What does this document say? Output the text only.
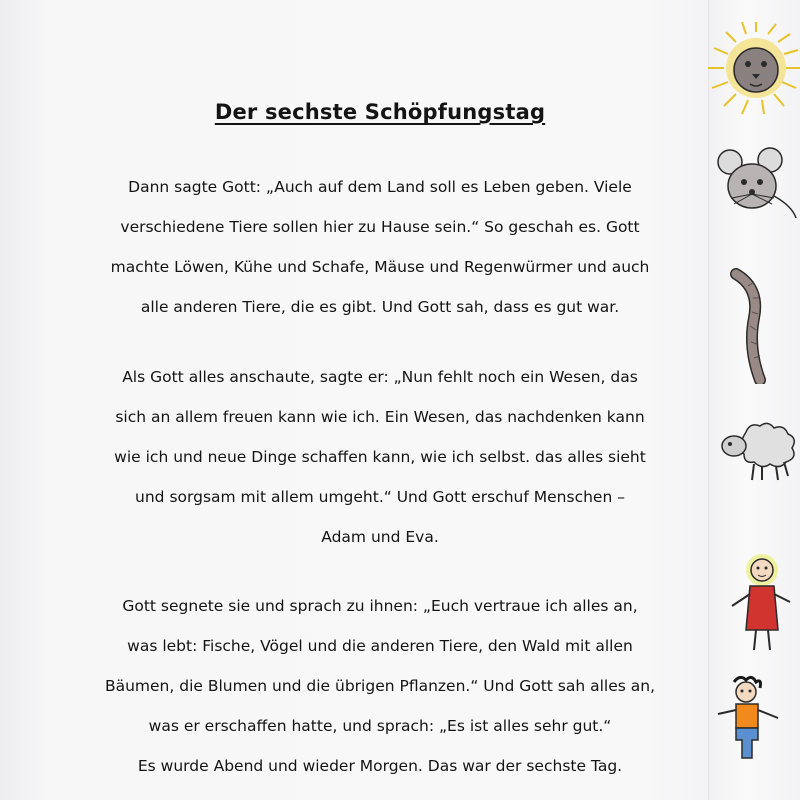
Der sechste Schöpfungstag
Dann sagte Gott: „Auch auf dem Land soll es Leben geben. Viele
verschiedene Tiere sollen hier zu Hause sein.“ So geschah es. Gott
machte Löwen, Kühe und Schafe, Mäuse und Regenwürmer und auch
alle anderen Tiere, die es gibt. Und Gott sah, dass es gut war.
Als Gott alles anschaute, sagte er: „Nun fehlt noch ein Wesen, das
sich an allem freuen kann wie ich. Ein Wesen, das nachdenken kann
wie ich und neue Dinge schaffen kann, wie ich selbst. das alles sieht
und sorgsam mit allem umgeht.“ Und Gott erschuf Menschen –
Adam und Eva.
Gott segnete sie und sprach zu ihnen: „Euch vertraue ich alles an,
was lebt: Fische, Vögel und die anderen Tiere, den Wald mit allen
Bäumen, die Blumen und die übrigen Pflanzen.“ Und Gott sah alles an,
was er erschaffen hatte, und sprach: „Es ist alles sehr gut.“
Es wurde Abend und wieder Morgen. Das war der sechste Tag.
